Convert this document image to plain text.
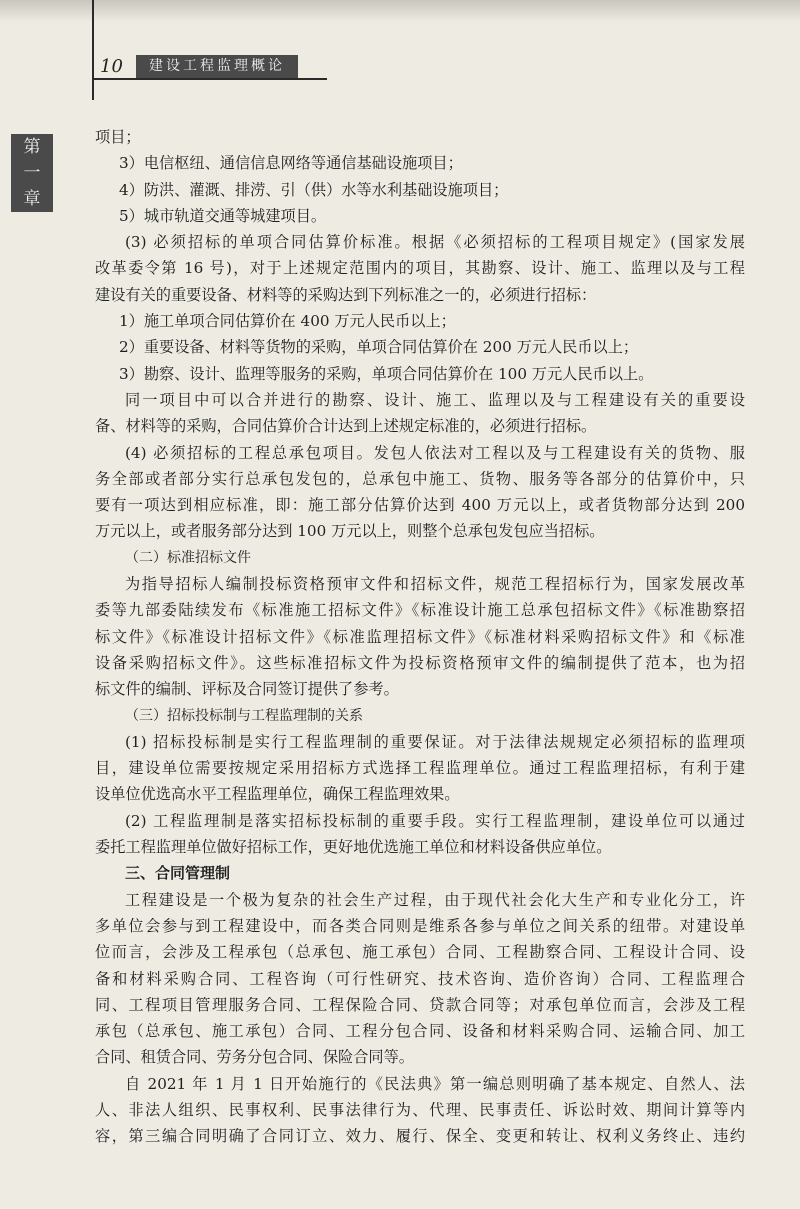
10	建设工程监理概论
第
一
章
项目；
3）电信枢纽、通信信息网络等通信基础设施项目；
4）防洪、灌溉、排涝、引（供）水等水利基础设施项目；
5）城市轨道交通等城建项目。
(3) 必须招标的单项合同估算价标准。根据《必须招标的工程项目规定》(国家发展
改革委令第 16 号)，对于上述规定范围内的项目，其勘察、设计、施工、监理以及与工程
建设有关的重要设备、材料等的采购达到下列标准之一的，必须进行招标：
1）施工单项合同估算价在 400 万元人民币以上；
2）重要设备、材料等货物的采购，单项合同估算价在 200 万元人民币以上；
3）勘察、设计、监理等服务的采购，单项合同估算价在 100 万元人民币以上。
同一项目中可以合并进行的勘察、设计、施工、监理以及与工程建设有关的重要设
备、材料等的采购，合同估算价合计达到上述规定标准的，必须进行招标。
(4) 必须招标的工程总承包项目。发包人依法对工程以及与工程建设有关的货物、服
务全部或者部分实行总承包发包的，总承包中施工、货物、服务等各部分的估算价中，只
要有一项达到相应标准，即：施工部分估算价达到 400 万元以上，或者货物部分达到 200
万元以上，或者服务部分达到 100 万元以上，则整个总承包发包应当招标。
（二）标准招标文件
为指导招标人编制投标资格预审文件和招标文件，规范工程招标行为，国家发展改革
委等九部委陆续发布《标准施工招标文件》《标准设计施工总承包招标文件》《标准勘察招
标文件》《标准设计招标文件》《标准监理招标文件》《标准材料采购招标文件》和《标准
设备采购招标文件》。这些标准招标文件为投标资格预审文件的编制提供了范本，也为招
标文件的编制、评标及合同签订提供了参考。
（三）招标投标制与工程监理制的关系
(1) 招标投标制是实行工程监理制的重要保证。对于法律法规规定必须招标的监理项
目，建设单位需要按规定采用招标方式选择工程监理单位。通过工程监理招标，有利于建
设单位优选高水平工程监理单位，确保工程监理效果。
(2) 工程监理制是落实招标投标制的重要手段。实行工程监理制，建设单位可以通过
委托工程监理单位做好招标工作，更好地优选施工单位和材料设备供应单位。
三、合同管理制
工程建设是一个极为复杂的社会生产过程，由于现代社会化大生产和专业化分工，许
多单位会参与到工程建设中，而各类合同则是维系各参与单位之间关系的纽带。对建设单
位而言，会涉及工程承包（总承包、施工承包）合同、工程勘察合同、工程设计合同、设
备和材料采购合同、工程咨询（可行性研究、技术咨询、造价咨询）合同、工程监理合
同、工程项目管理服务合同、工程保险合同、贷款合同等；对承包单位而言，会涉及工程
承包（总承包、施工承包）合同、工程分包合同、设备和材料采购合同、运输合同、加工
合同、租赁合同、劳务分包合同、保险合同等。
自 2021 年 1 月 1 日开始施行的《民法典》第一编总则明确了基本规定、自然人、法
人、非法人组织、民事权利、民事法律行为、代理、民事责任、诉讼时效、期间计算等内
容，第三编合同明确了合同订立、效力、履行、保全、变更和转让、权利义务终止、违约
